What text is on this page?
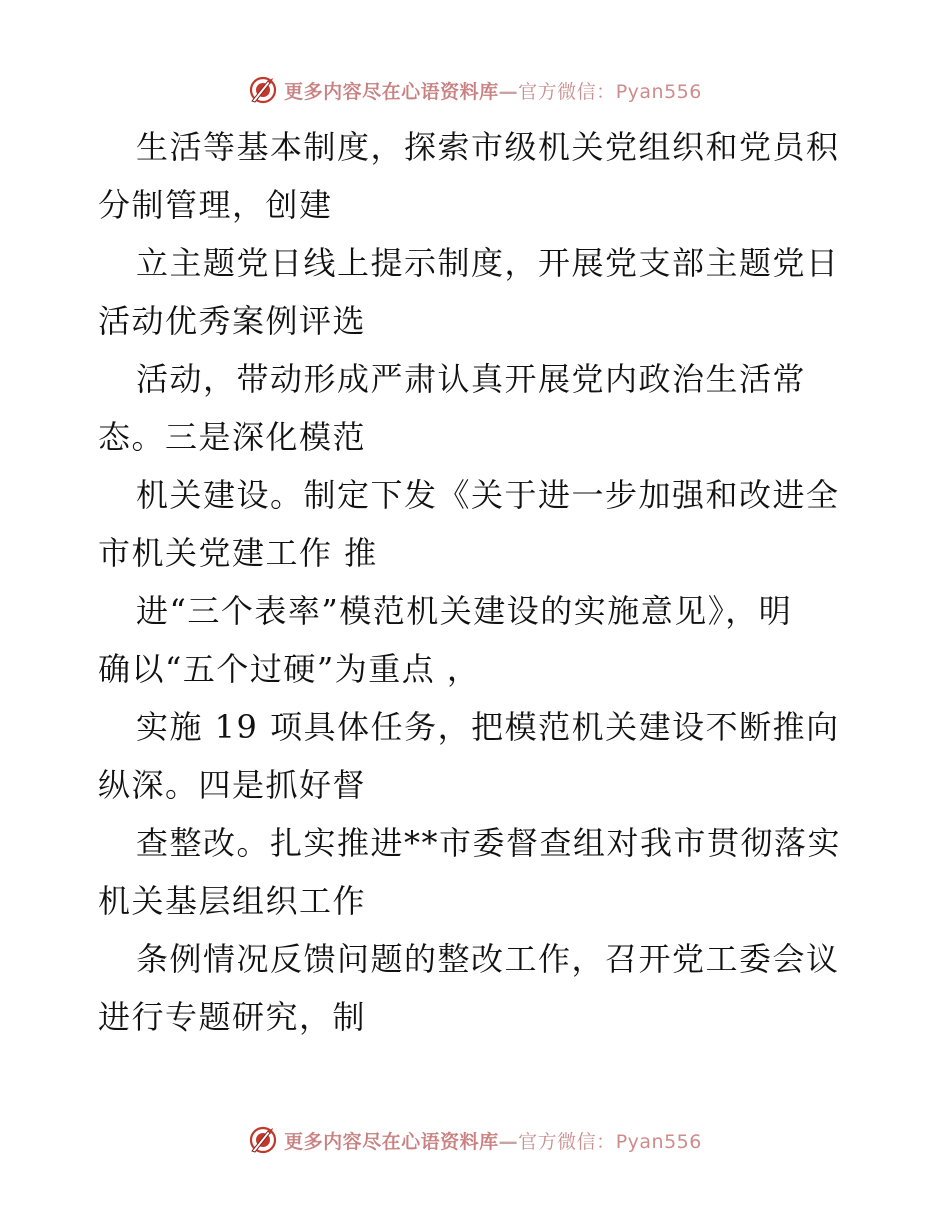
更多内容尽在心语资料库—官方微信：Pyan556
生活等基本制度，探索市级机关党组织和党员积
分制管理，创建
立主题党日线上提示制度，开展党支部主题党日
活动优秀案例评选
活动，带动形成严肃认真开展党内政治生活常
态。三是深化模范
机关建设。制定下发《关于进一步加强和改进全
市机关党建工作 推
进“三个表率”模范机关建设的实施意见》，明
确以“五个过硬”为重点 ，
实施 19 项具体任务，把模范机关建设不断推向
纵深。四是抓好督
查整改。扎实推进**市委督查组对我市贯彻落实
机关基层组织工作
条例情况反馈问题的整改工作，召开党工委会议
进行专题研究，制
更多内容尽在心语资料库—官方微信：Pyan556
